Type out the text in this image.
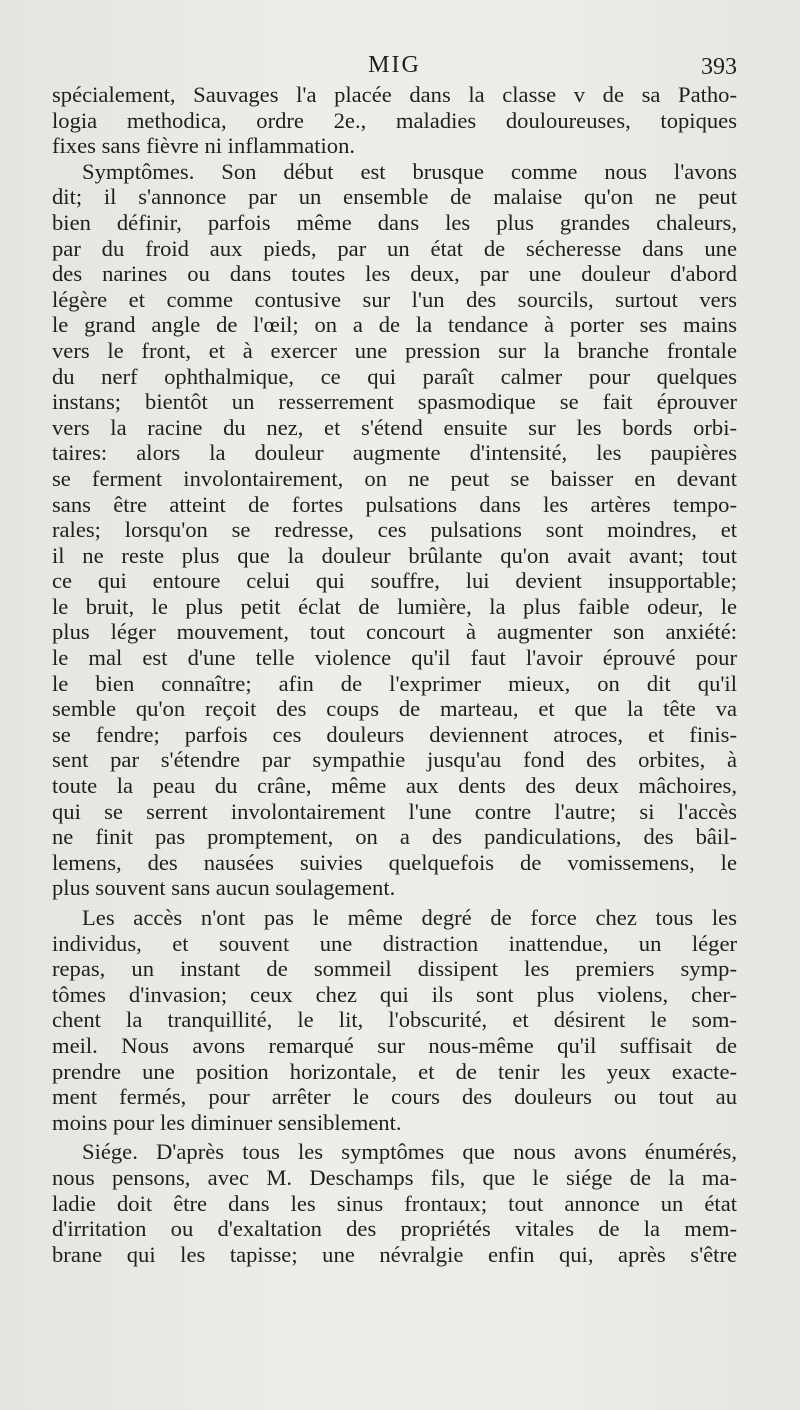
MIG	393
spécialement, Sauvages l'a placée dans la classe v de sa Patho-
logia methodica, ordre 2e., maladies douloureuses, topiques
fixes sans fièvre ni inflammation.
Symptômes. Son début est brusque comme nous l'avons
dit; il s'annonce par un ensemble de malaise qu'on ne peut
bien définir, parfois même dans les plus grandes chaleurs,
par du froid aux pieds, par un état de sécheresse dans une
des narines ou dans toutes les deux, par une douleur d'abord
légère et comme contusive sur l'un des sourcils, surtout vers
le grand angle de l'œil; on a de la tendance à porter ses mains
vers le front, et à exercer une pression sur la branche frontale
du nerf ophthalmique, ce qui paraît calmer pour quelques
instans; bientôt un resserrement spasmodique se fait éprouver
vers la racine du nez, et s'étend ensuite sur les bords orbi-
taires: alors la douleur augmente d'intensité, les paupières
se ferment involontairement, on ne peut se baisser en devant
sans être atteint de fortes pulsations dans les artères tempo-
rales; lorsqu'on se redresse, ces pulsations sont moindres, et
il ne reste plus que la douleur brûlante qu'on avait avant; tout
ce qui entoure celui qui souffre, lui devient insupportable;
le bruit, le plus petit éclat de lumière, la plus faible odeur, le
plus léger mouvement, tout concourt à augmenter son anxiété:
le mal est d'une telle violence qu'il faut l'avoir éprouvé pour
le bien connaître; afin de l'exprimer mieux, on dit qu'il
semble qu'on reçoit des coups de marteau, et que la tête va
se fendre; parfois ces douleurs deviennent atroces, et finis-
sent par s'étendre par sympathie jusqu'au fond des orbites, à
toute la peau du crâne, même aux dents des deux mâchoires,
qui se serrent involontairement l'une contre l'autre; si l'accès
ne finit pas promptement, on a des pandiculations, des bâil-
lemens, des nausées suivies quelquefois de vomissemens, le
plus souvent sans aucun soulagement.
Les accès n'ont pas le même degré de force chez tous les
individus, et souvent une distraction inattendue, un léger
repas, un instant de sommeil dissipent les premiers symp-
tômes d'invasion; ceux chez qui ils sont plus violens, cher-
chent la tranquillité, le lit, l'obscurité, et désirent le som-
meil. Nous avons remarqué sur nous-même qu'il suffisait de
prendre une position horizontale, et de tenir les yeux exacte-
ment fermés, pour arrêter le cours des douleurs ou tout au
moins pour les diminuer sensiblement.
Siége. D'après tous les symptômes que nous avons énumérés,
nous pensons, avec M. Deschamps fils, que le siége de la ma-
ladie doit être dans les sinus frontaux; tout annonce un état
d'irritation ou d'exaltation des propriétés vitales de la mem-
brane qui les tapisse; une névralgie enfin qui, après s'être
